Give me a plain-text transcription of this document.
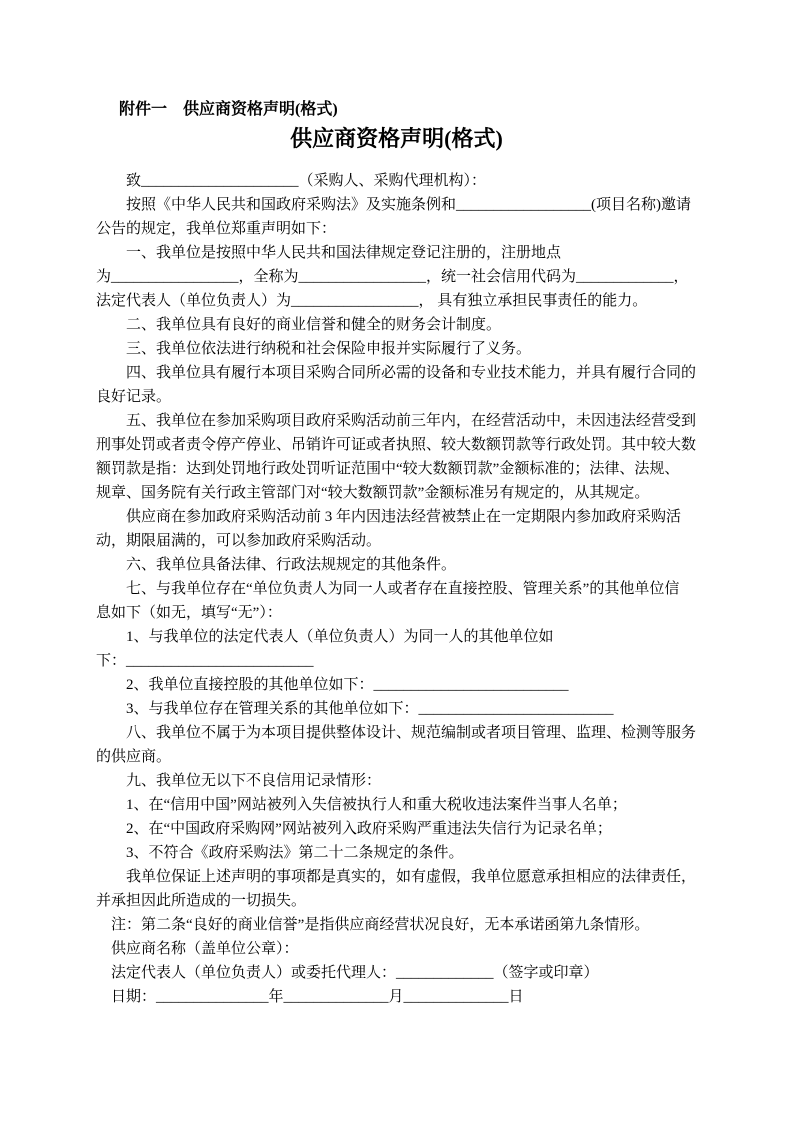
附件一　供应商资格声明(格式)
供应商资格声明(格式)
致_____________________（采购人、采购代理机构）：
按照《中华人民共和国政府采购法》及实施条例和__________________(项目名称)邀请
公告的规定，我单位郑重声明如下：
一、我单位是按照中华人民共和国法律规定登记注册的，注册地点
为_________________，全称为_________________，统一社会信用代码为_____________，
法定代表人（单位负责人）为_________________， 具有独立承担民事责任的能力。
二、我单位具有良好的商业信誉和健全的财务会计制度。
三、我单位依法进行纳税和社会保险申报并实际履行了义务。
四、我单位具有履行本项目采购合同所必需的设备和专业技术能力，并具有履行合同的
良好记录。
五、我单位在参加采购项目政府采购活动前三年内，在经营活动中，未因违法经营受到
刑事处罚或者责令停产停业、吊销许可证或者执照、较大数额罚款等行政处罚。其中较大数
额罚款是指：达到处罚地行政处罚听证范围中“较大数额罚款”金额标准的；法律、法规、
规章、国务院有关行政主管部门对“较大数额罚款”金额标准另有规定的，从其规定。
供应商在参加政府采购活动前 3 年内因违法经营被禁止在一定期限内参加政府采购活
动，期限届满的，可以参加政府采购活动。
六、我单位具备法律、行政法规规定的其他条件。
七、与我单位存在“单位负责人为同一人或者存在直接控股、管理关系”的其他单位信
息如下（如无，填写“无”）：
1、与我单位的法定代表人（单位负责人）为同一人的其他单位如
下：_________________________
2、我单位直接控股的其他单位如下：__________________________
3、与我单位存在管理关系的其他单位如下：__________________________
八、我单位不属于为本项目提供整体设计、规范编制或者项目管理、监理、检测等服务
的供应商。
九、我单位无以下不良信用记录情形：
1、在“信用中国”网站被列入失信被执行人和重大税收违法案件当事人名单；
2、在“中国政府采购网”网站被列入政府采购严重违法失信行为记录名单；
3、不符合《政府采购法》第二十二条规定的条件。
我单位保证上述声明的事项都是真实的，如有虚假，我单位愿意承担相应的法律责任，
并承担因此所造成的一切损失。
注：第二条“良好的商业信誉”是指供应商经营状况良好，无本承诺函第九条情形。
供应商名称（盖单位公章）：
法定代表人（单位负责人）或委托代理人：_____________（签字或印章）
日期：_______________年______________月______________日
